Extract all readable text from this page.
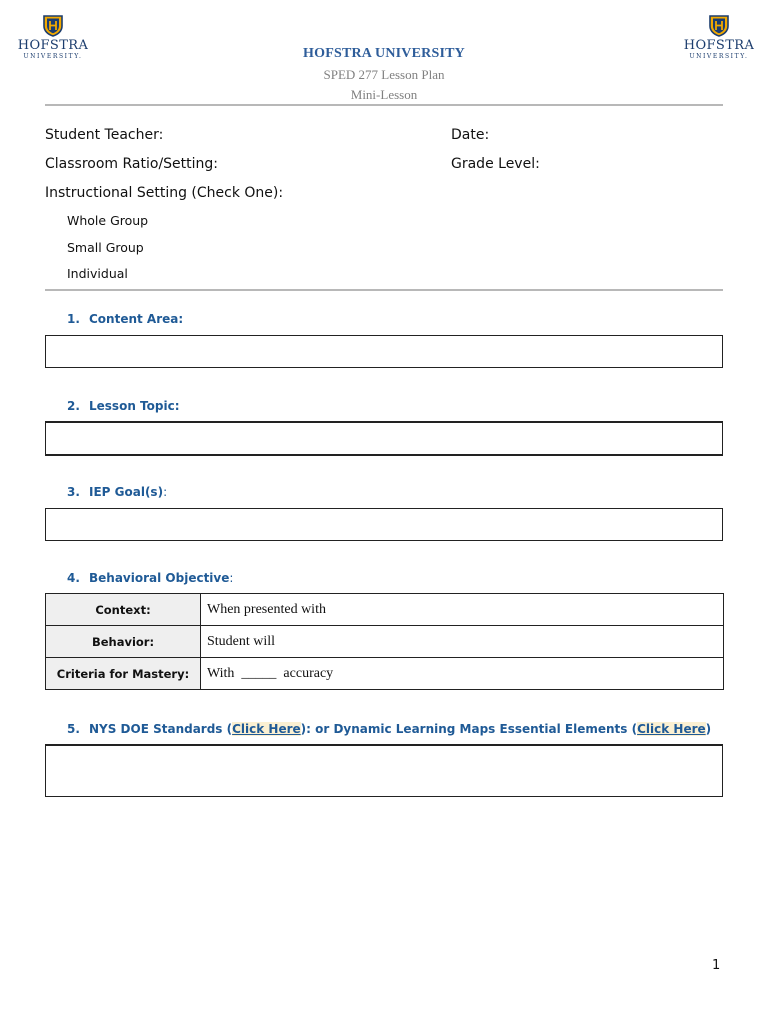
HOFSTRA
UNIVERSITY.
HOFSTRA
UNIVERSITY.
HOFSTRA UNIVERSITY
SPED 277 Lesson Plan
Mini-Lesson
Student Teacher:	Date:
Classroom Ratio/Setting:	Grade Level:
Instructional Setting (Check One):
Whole Group
Small Group
Individual
1. Content Area:
2. Lesson Topic:
3. IEP Goal(s):
4. Behavioral Objective:
Context:	When presented with
Behavior:	Student will
Criteria for Mastery:	With  _____  accuracy
5. NYS DOE Standards (Click Here): or Dynamic Learning Maps Essential Elements (Click Here)
1
